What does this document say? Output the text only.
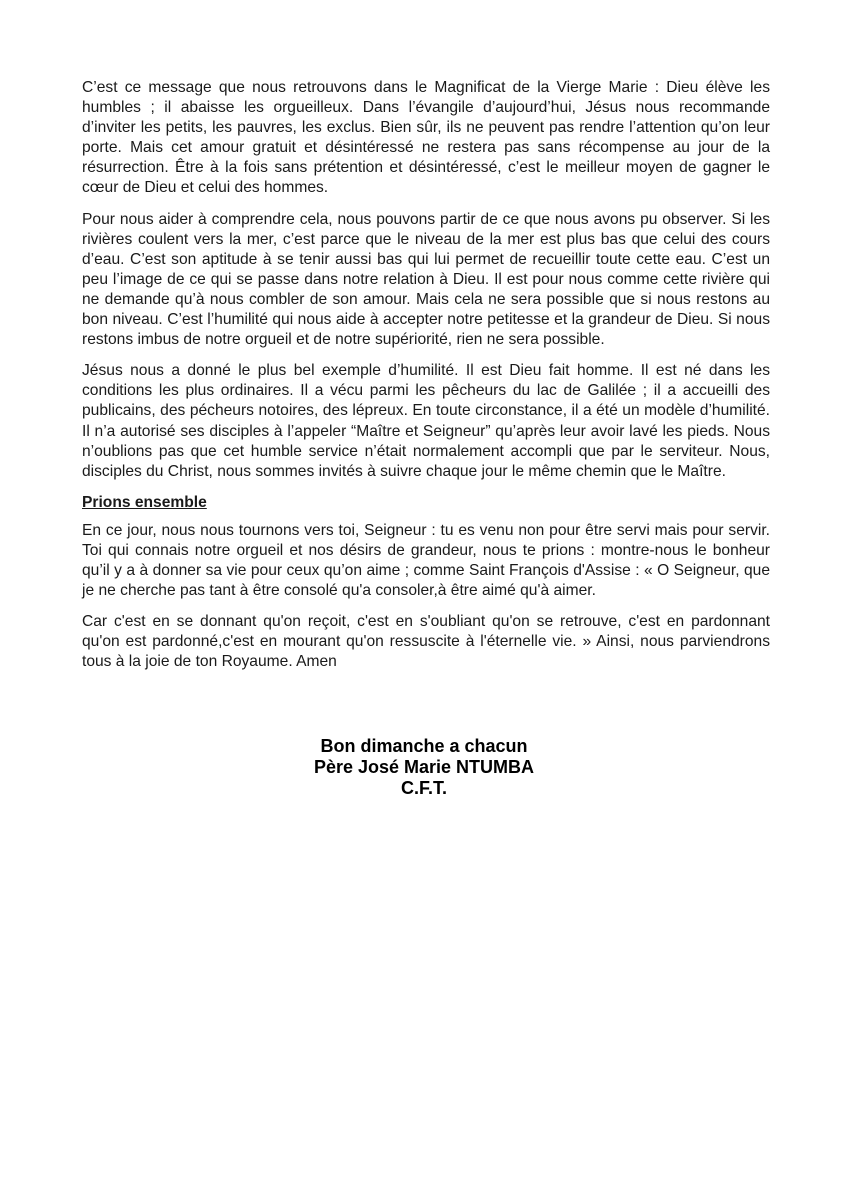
C’est ce message que nous retrouvons dans le Magnificat de la Vierge Marie : Dieu élève les humbles ; il abaisse les orgueilleux. Dans l’évangile d’aujourd’hui, Jésus nous recommande d’inviter les petits, les pauvres, les exclus. Bien sûr, ils ne peuvent pas rendre l’attention qu’on leur porte. Mais cet amour gratuit et désintéressé ne restera pas sans récompense au jour de la résurrection. Être à la fois sans prétention et désintéressé, c’est le meilleur moyen de gagner le cœur de Dieu et celui des hommes.

Pour nous aider à comprendre cela, nous pouvons partir de ce que nous avons pu observer. Si les rivières coulent vers la mer, c’est parce que le niveau de la mer est plus bas que celui des cours d’eau. C’est son aptitude à se tenir aussi bas qui lui permet de recueillir toute cette eau. C’est un peu l’image de ce qui se passe dans notre relation à Dieu. Il est pour nous comme cette rivière qui ne demande qu’à nous combler de son amour. Mais cela ne sera possible que si nous restons au bon niveau. C’est l’humilité qui nous aide à accepter notre petitesse et la grandeur de Dieu. Si nous restons imbus de notre orgueil et de notre supériorité, rien ne sera possible.

Jésus nous a donné le plus bel exemple d’humilité. Il est Dieu fait homme. Il est né dans les conditions les plus ordinaires. Il a vécu parmi les pêcheurs du lac de Galilée ; il a accueilli des publicains, des pécheurs notoires, des lépreux. En toute circonstance, il a été un modèle d’humilité. Il n’a autorisé ses disciples à l’appeler “Maître et Seigneur” qu’après leur avoir lavé les pieds. Nous n’oublions pas que cet humble service n’était normalement accompli que par le serviteur. Nous, disciples du Christ, nous sommes invités à suivre chaque jour le même chemin que le Maître.

Prions ensemble

En ce jour, nous nous tournons vers toi, Seigneur : tu es venu non pour être servi mais pour servir. Toi qui connais notre orgueil et nos désirs de grandeur, nous te prions : montre-nous le bonheur qu’il y a à donner sa vie pour ceux qu’on aime ; comme Saint François d'Assise : « O Seigneur, que je ne cherche pas tant à être consolé qu'a consoler,à être aimé qu'à aimer.

Car c'est en se donnant qu'on reçoit, c'est en s'oubliant qu'on se retrouve, c'est en pardonnant qu'on est pardonné,c'est en mourant qu'on ressuscite à l'éternelle vie. » Ainsi, nous parviendrons tous à la joie de ton Royaume. Amen

Bon dimanche a chacun
Père José Marie NTUMBA
C.F.T.
